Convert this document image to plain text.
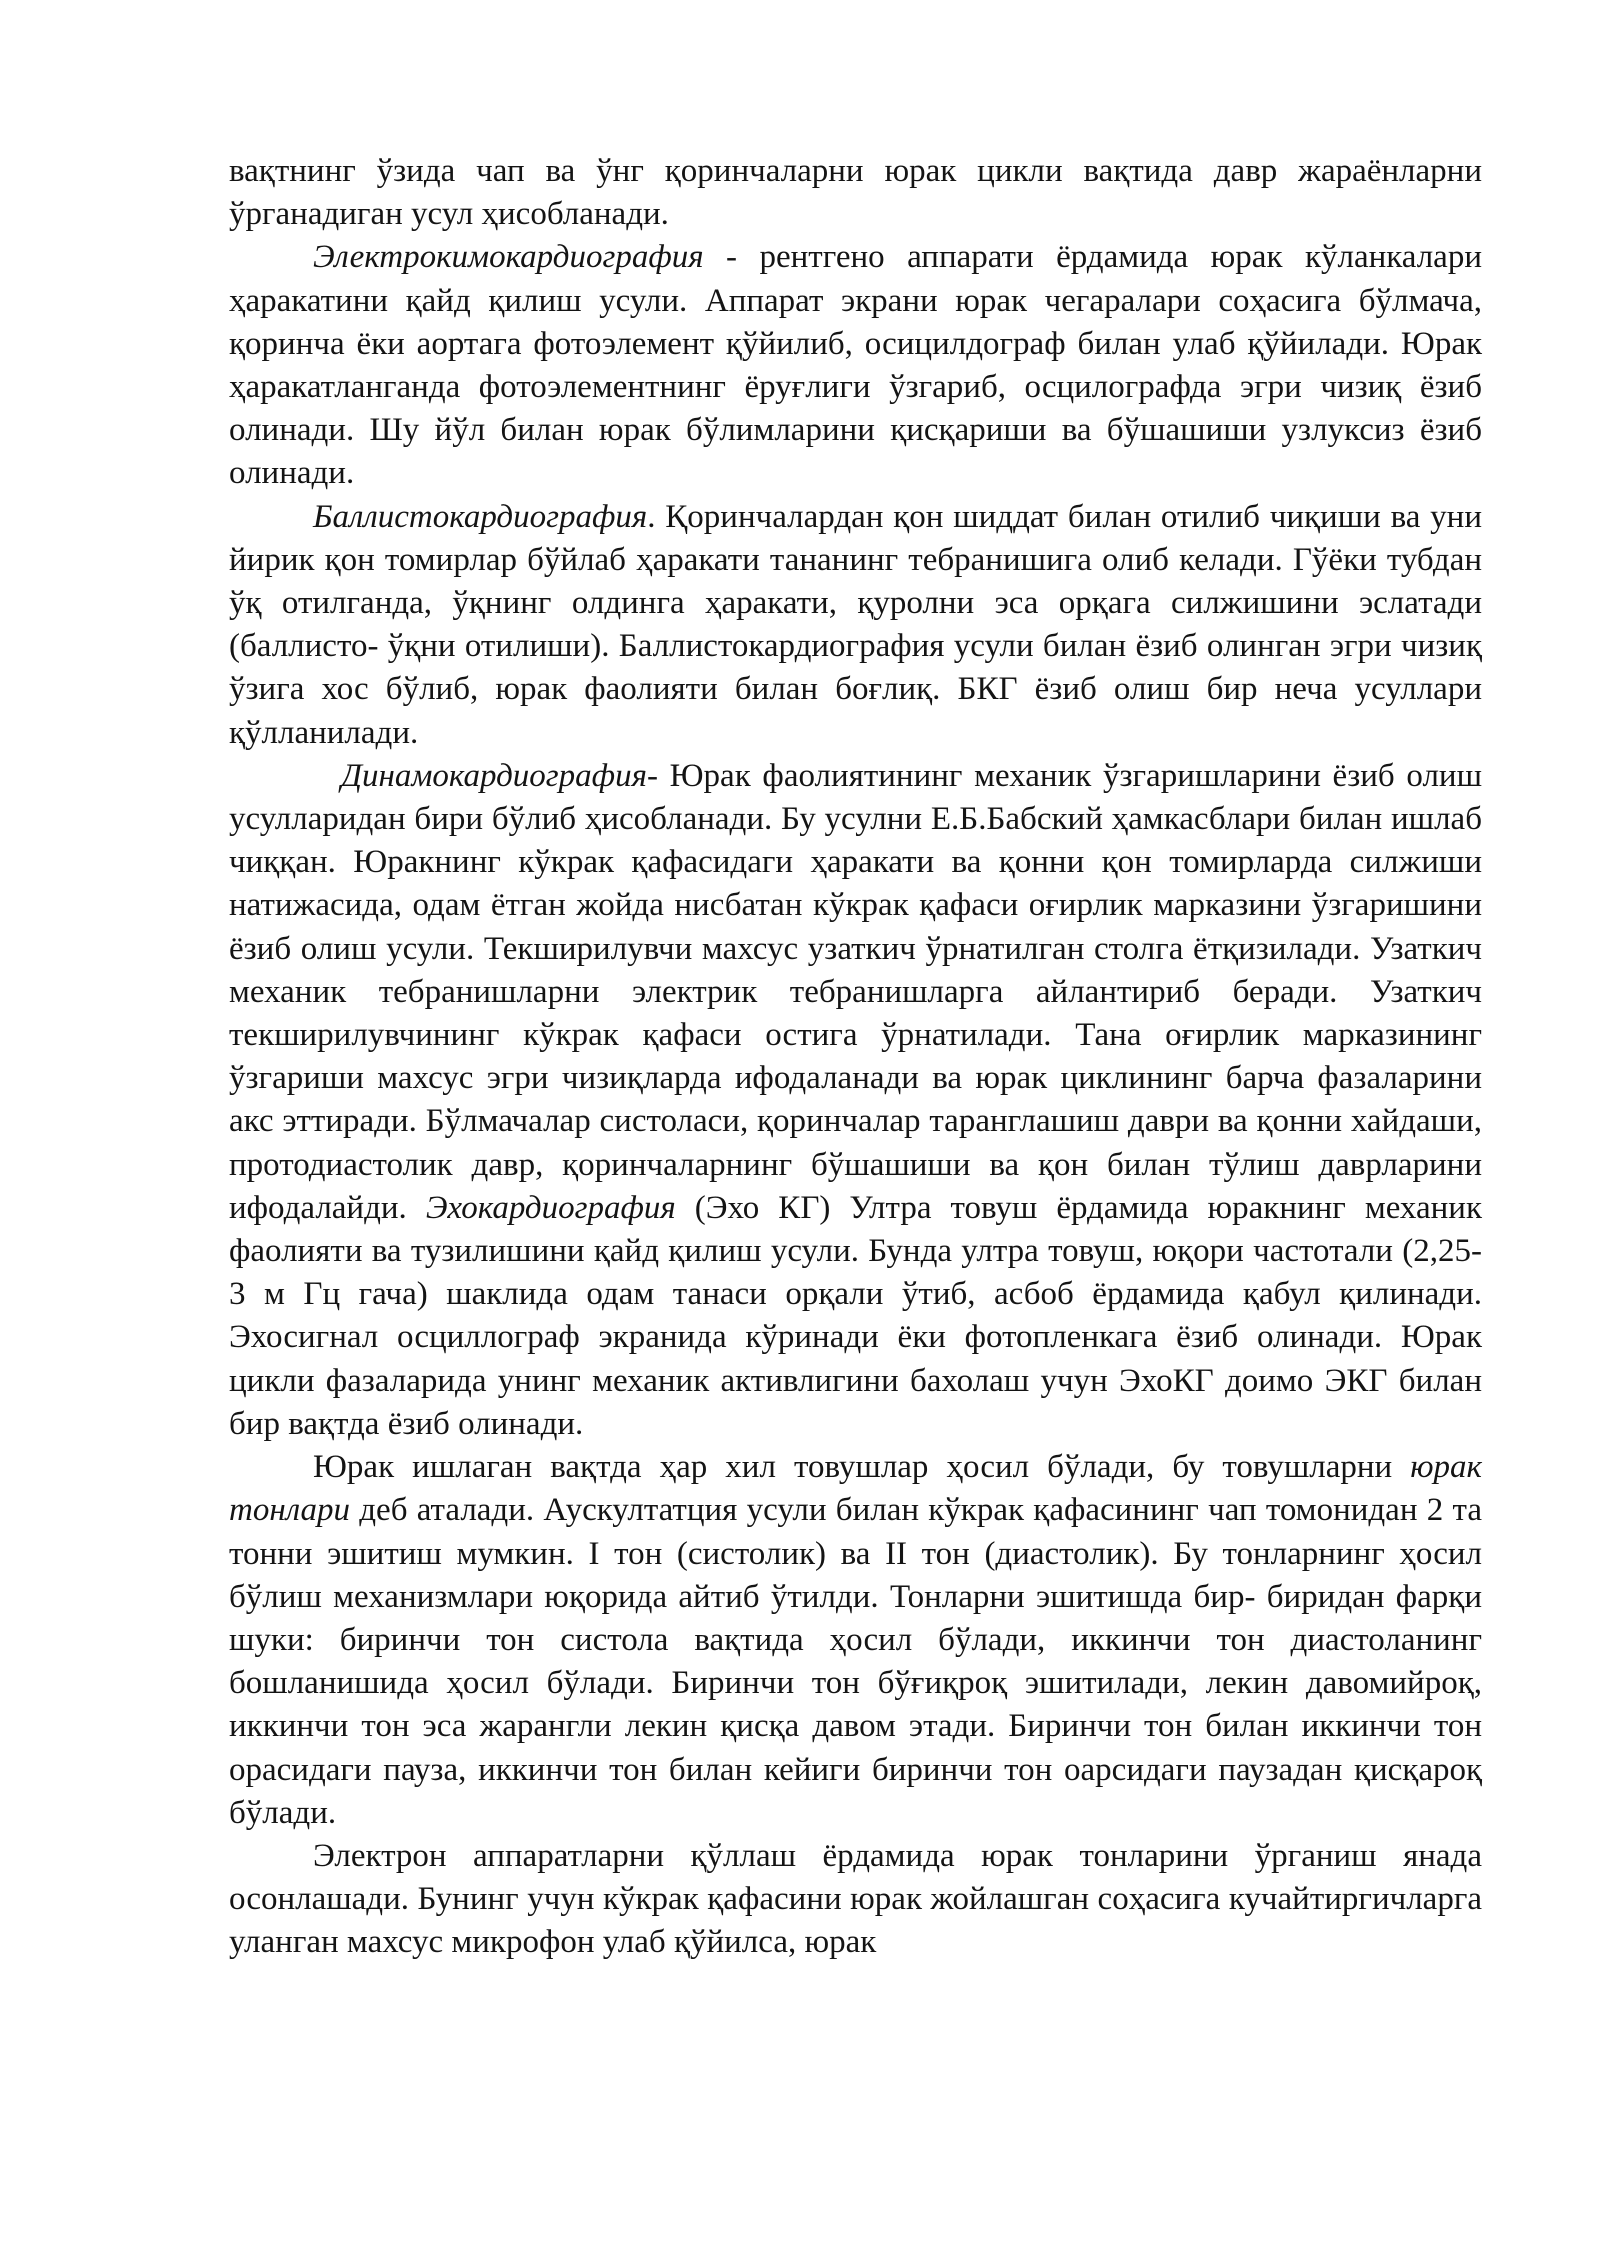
вақтнинг ўзида чап ва ўнг қоринчаларни юрак цикли вақтида давр жараёнларни ўрганадиган усул ҳисобланади.

Электрокимокардиография - рентгено аппарати ёрдамида юрак кўланкалари ҳаракатини қайд қилиш усули. Аппарат экрани юрак чегаралари соҳасига бўлмача, қоринча ёки аортага фотоэлемент қўйилиб, осицилдограф билан улаб қўйилади. Юрак ҳаракатланганда фотоэлементнинг ёруғлиги ўзгариб, осцилографда эгри чизиқ ёзиб олинади. Шу йўл билан юрак бўлимларини қисқариши ва бўшашиши узлуксиз ёзиб олинади.

Баллистокардиография. Қоринчалардан қон шиддат билан отилиб чиқиши ва уни йирик қон томирлар бўйлаб ҳаракати тананинг тебранишига олиб келади. Гўёки тубдан ўқ отилганда, ўқнинг олдинга ҳаракати, қуролни эса орқага силжишини эслатади (баллисто- ўқни отилиши). Баллистокардиография усули билан ёзиб олинган эгри чизиқ ўзига хос бўлиб, юрак фаолияти билан боғлиқ. БКГ ёзиб олиш бир неча усуллари қўлланилади.

Динамокардиография- Юрак фаолиятининг механик ўзгаришларини ёзиб олиш усулларидан бири бўлиб ҳисобланади. Бу усулни Е.Б.Бабский ҳамкасблари билан ишлаб чиққан. Юракнинг кўкрак қафасидаги ҳаракати ва қонни қон томирларда силжиши натижасида, одам ётган жойда нисбатан кўкрак қафаси оғирлик марказини ўзгаришини ёзиб олиш усули. Текширилувчи махсус узаткич ўрнатилган столга ётқизилади. Узаткич механик тебранишларни электрик тебранишларга айлантириб беради. Узаткич текширилувчининг кўкрак қафаси остига ўрнатилади. Тана оғирлик марказининг ўзгариши махсус эгри чизиқларда ифодаланади ва юрак циклининг барча фазаларини акс эттиради. Бўлмачалар систоласи, қоринчалар таранглашиш даври ва қонни хайдаши, протодиастолик давр, қоринчаларнинг бўшашиши ва қон билан тўлиш даврларини ифодалайди. Эхокардиография (Эхо КГ) Ултра товуш ёрдамида юракнинг механик фаолияти ва тузилишини қайд қилиш усули. Бунда ултра товуш, юқори частотали (2,25-3 м Гц гача) шаклида одам танаси орқали ўтиб, асбоб ёрдамида қабул қилинади. Эхосигнал осциллограф экранида кўринади ёки фотопленкага ёзиб олинади. Юрак цикли фазаларида унинг механик активлигини бахолаш учун ЭхоКГ доимо ЭКГ билан бир вақтда ёзиб олинади.

Юрак ишлаган вақтда ҳар хил товушлар ҳосил бўлади, бу товушларни юрак тонлари деб аталади. Аускултатция усули билан кўкрак қафасининг чап томонидан 2 та тонни эшитиш мумкин. I тон (систолик) ва II тон (диастолик). Бу тонларнинг ҳосил бўлиш механизмлари юқорида айтиб ўтилди. Тонларни эшитишда бир- биридан фарқи шуки: биринчи тон систола вақтида ҳосил бўлади, иккинчи тон диастоланинг бошланишида ҳосил бўлади. Биринчи тон бўғиқроқ эшитилади, лекин давомийроқ, иккинчи тон эса жарангли лекин қисқа давом этади. Биринчи тон билан иккинчи тон орасидаги пауза, иккинчи тон билан кейиги биринчи тон оарсидаги паузадан қисқароқ бўлади.

Электрон аппаратларни қўллаш ёрдамида юрак тонларини ўрганиш янада осонлашади. Бунинг учун кўкрак қафасини юрак жойлашган соҳасига кучайтиргичларга уланган махсус микрофон улаб қўйилса, юрак
